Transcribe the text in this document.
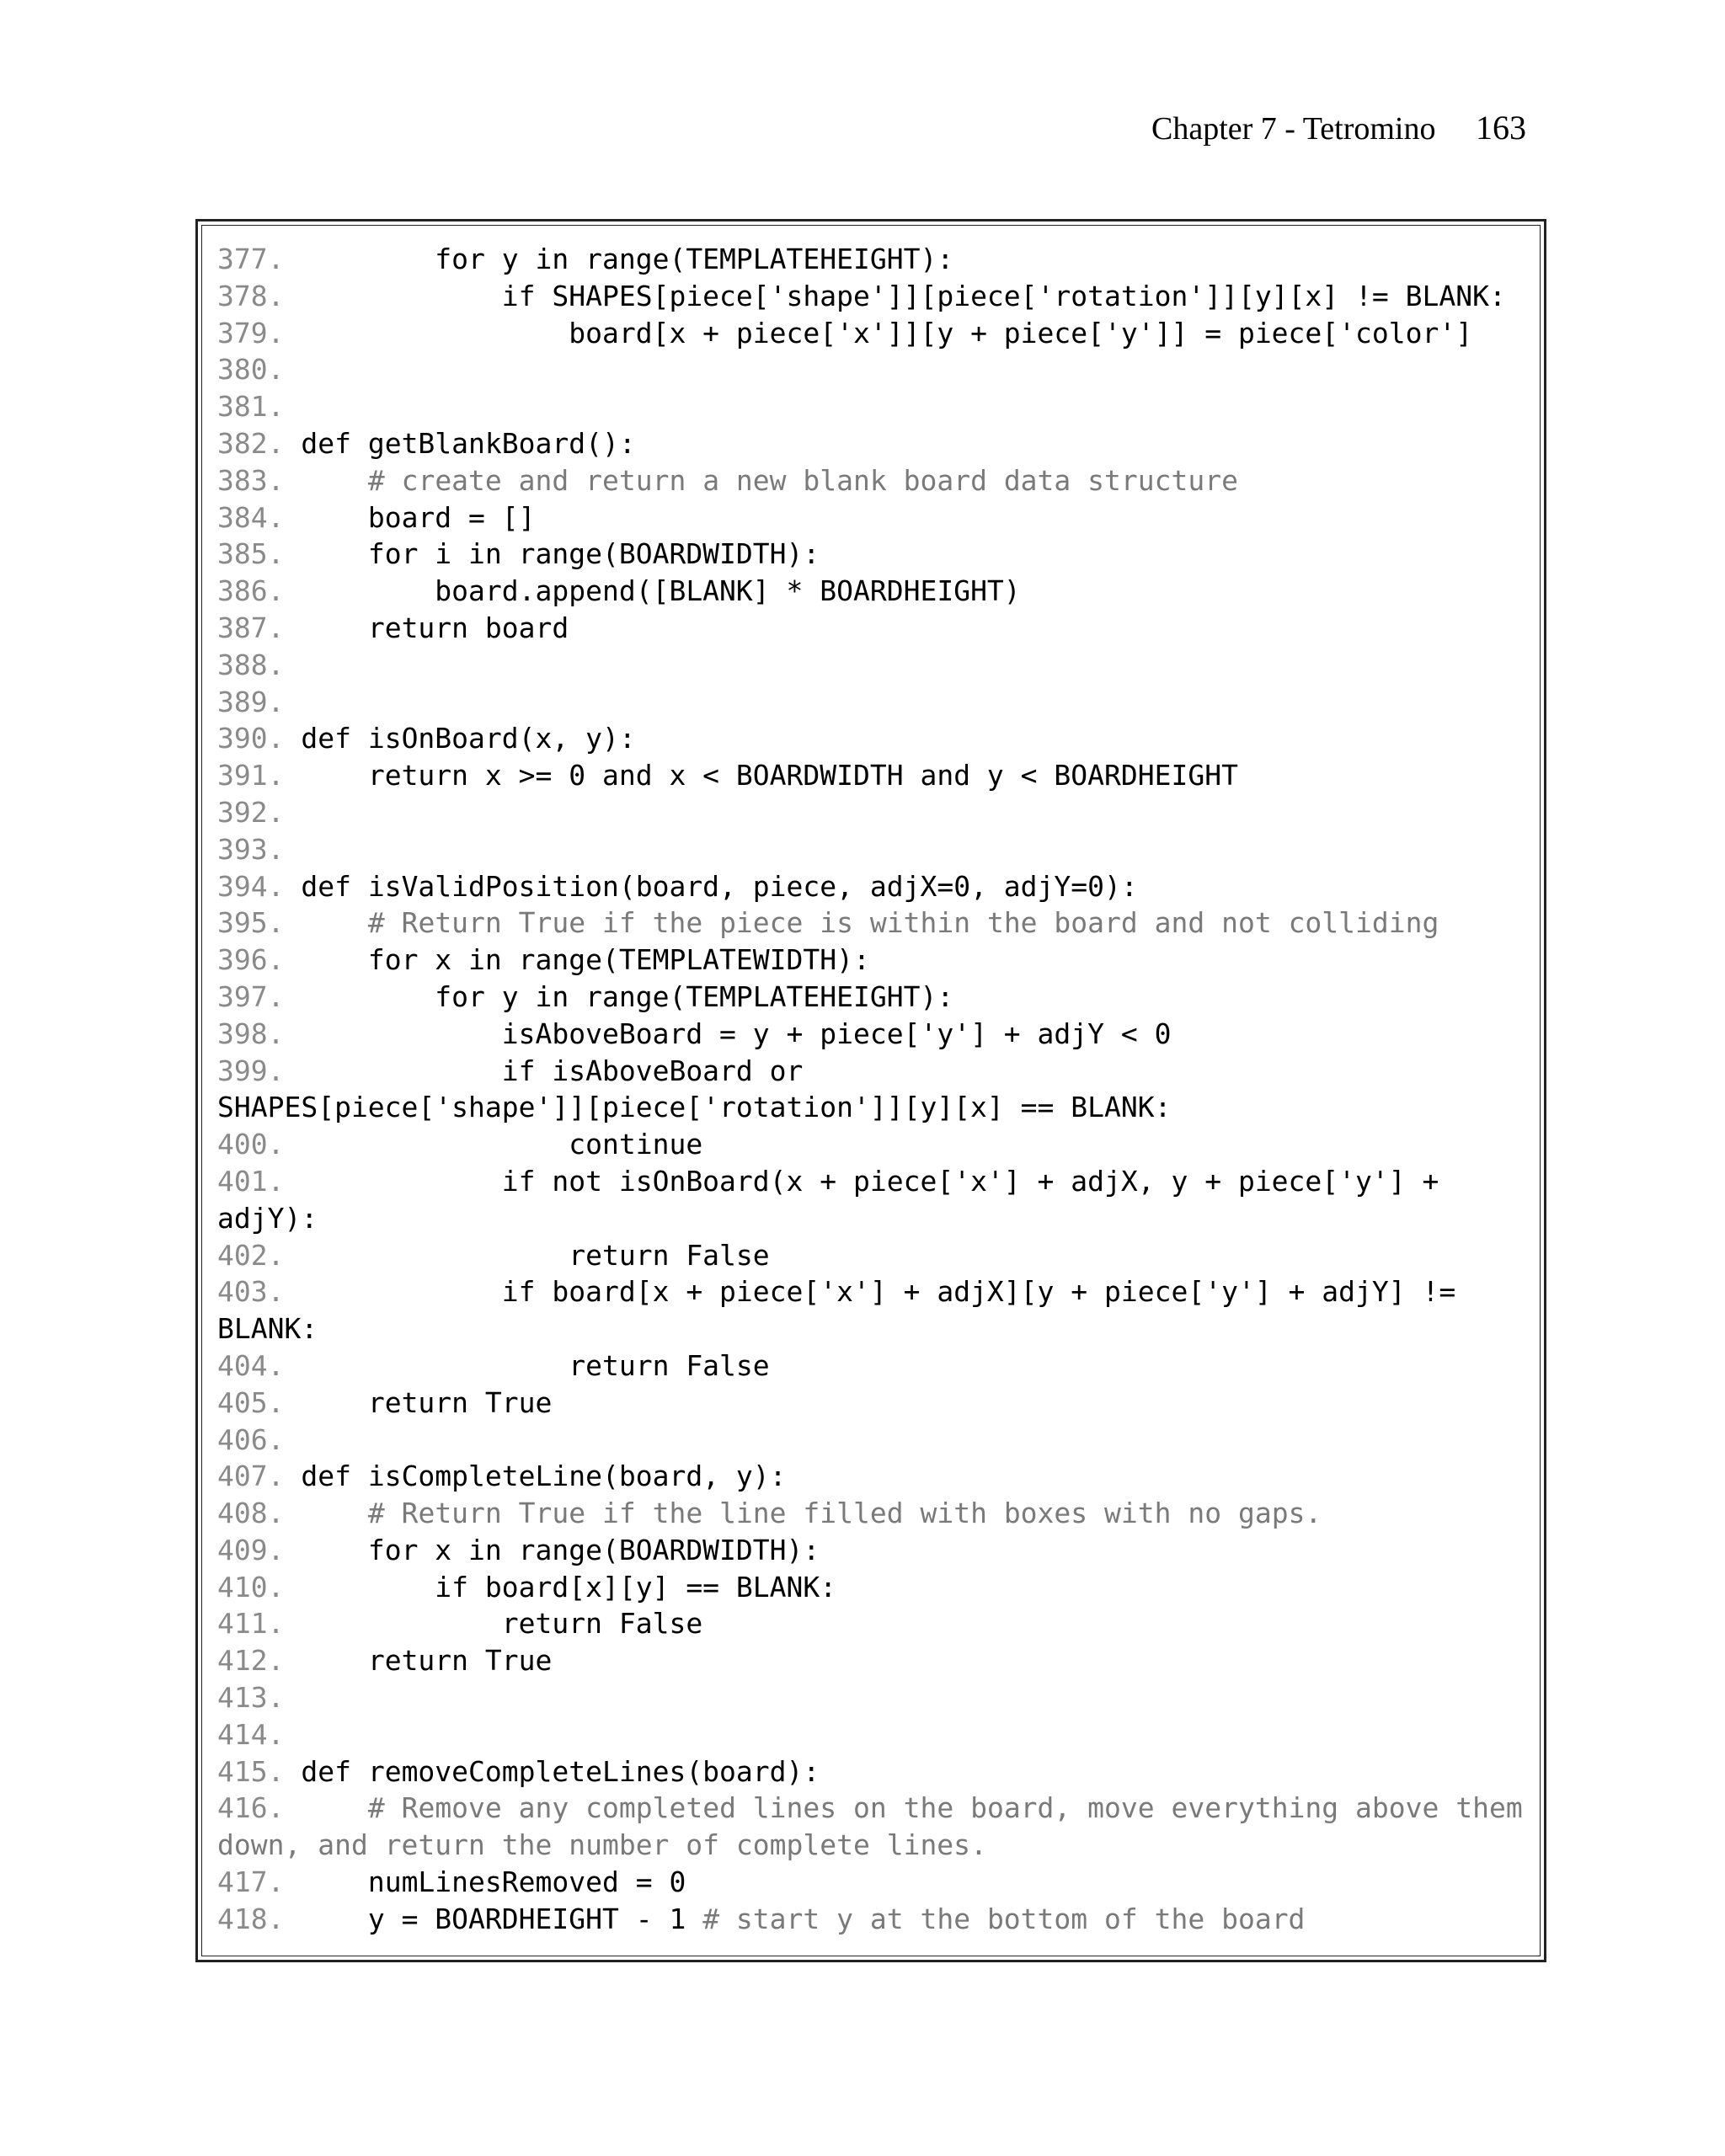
Chapter 7 - Tetromino 163
377.         for y in range(TEMPLATEHEIGHT):
378.             if SHAPES[piece['shape']][piece['rotation']][y][x] != BLANK:
379.                 board[x + piece['x']][y + piece['y']] = piece['color']
380.
381.
382. def getBlankBoard():
383.	# create and return a new blank board data structure
384.     board = []
385.     for i in range(BOARDWIDTH):
386.         board.append([BLANK] * BOARDHEIGHT)
387.     return board
388.
389.
390. def isOnBoard(x, y):
391.     return x >= 0 and x < BOARDWIDTH and y < BOARDHEIGHT
392.
393.
394. def isValidPosition(board, piece, adjX=0, adjY=0):
395.	# Return True if the piece is within the board and not colliding
396.     for x in range(TEMPLATEWIDTH):
397.         for y in range(TEMPLATEHEIGHT):
398.             isAboveBoard = y + piece['y'] + adjY < 0
399.             if isAboveBoard or
SHAPES[piece['shape']][piece['rotation']][y][x] == BLANK:
400.                 continue
401.             if not isOnBoard(x + piece['x'] + adjX, y + piece['y'] +
adjY):
402.                 return False
403.             if board[x + piece['x'] + adjX][y + piece['y'] + adjY] !=
BLANK:
404.                 return False
405.     return True
406.
407. def isCompleteLine(board, y):
408.	# Return True if the line filled with boxes with no gaps.
409.     for x in range(BOARDWIDTH):
410.         if board[x][y] == BLANK:
411.             return False
412.     return True
413.
414.
415. def removeCompleteLines(board):
416.	# Remove any completed lines on the board, move everything above them
down, and return the number of complete lines.
417.     numLinesRemoved = 0
418.     y = BOARDHEIGHT - 1 # start y at the bottom of the board
